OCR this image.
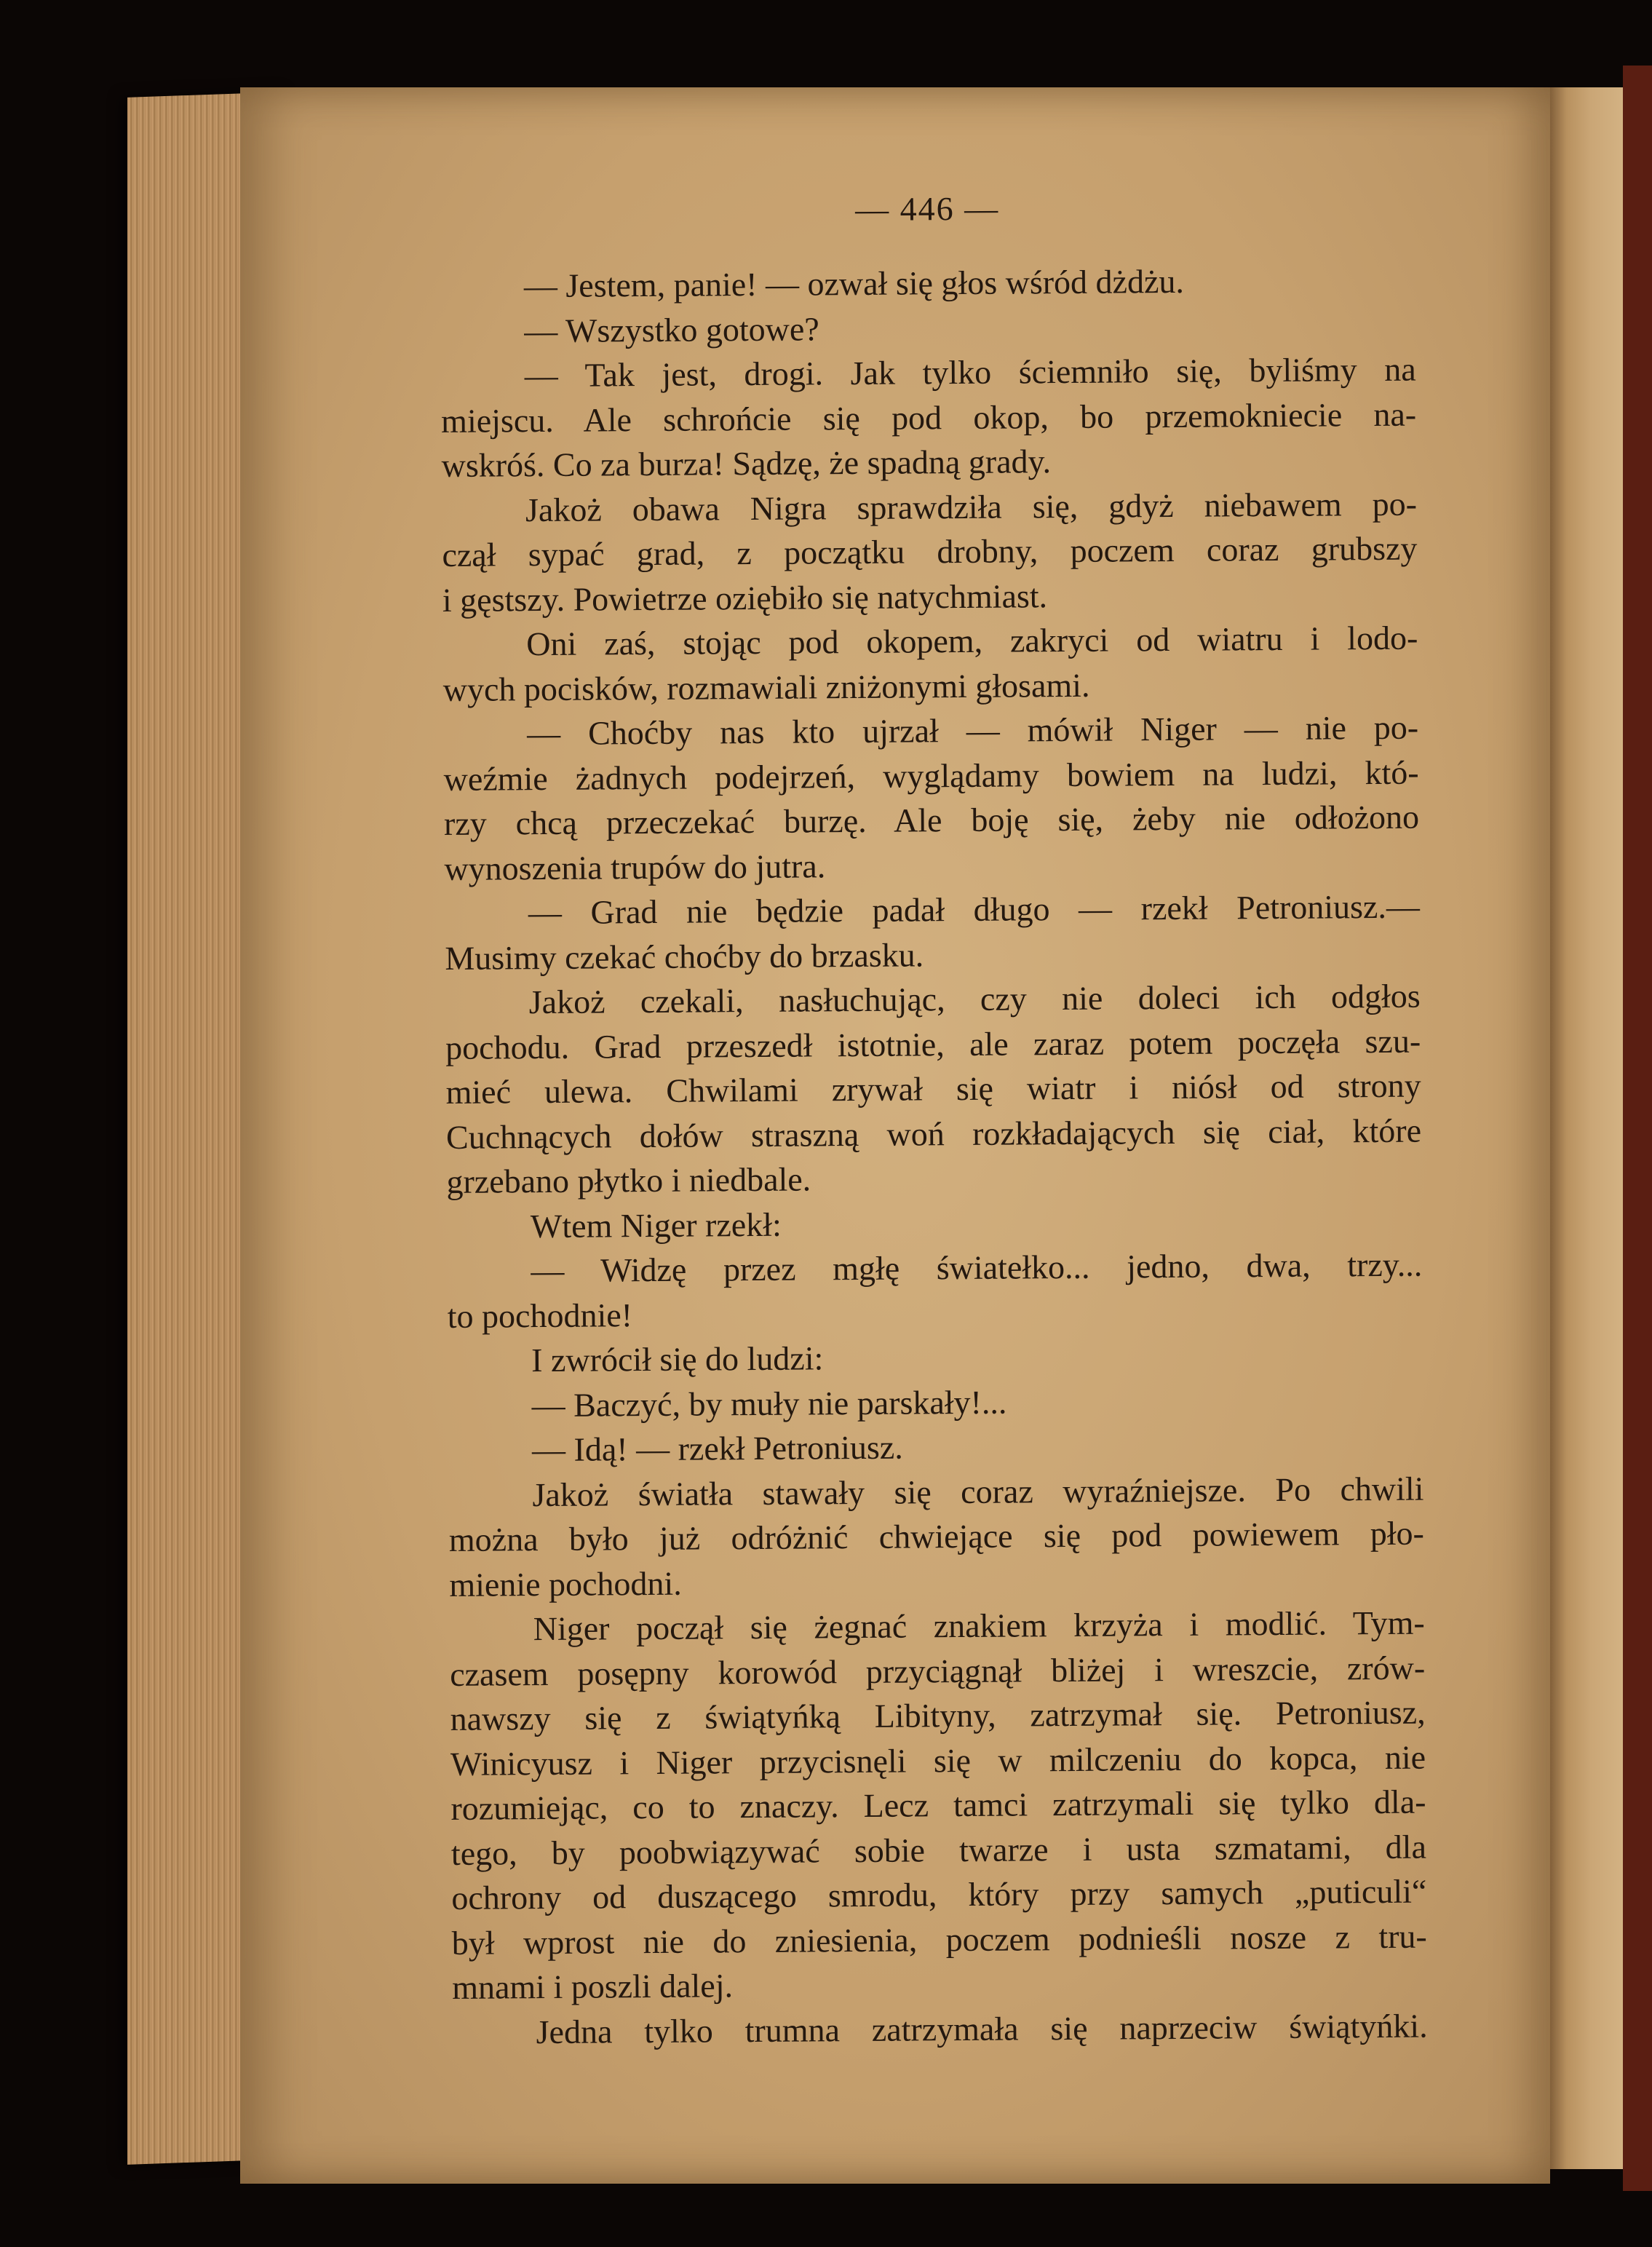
— 446 —
— Jestem, panie! — ozwał się głos wśród dżdżu.
— Wszystko gotowe?
— Tak jest, drogi. Jak tylko ściemniło się, byliśmy na
miejscu. Ale schrońcie się pod okop, bo przemokniecie na-
wskróś. Co za burza! Sądzę, że spadną grady.
Jakoż obawa Nigra sprawdziła się, gdyż niebawem po-
czął sypać grad, z początku drobny, poczem coraz grubszy
i gęstszy. Powietrze oziębiło się natychmiast.
Oni zaś, stojąc pod okopem, zakryci od wiatru i lodo-
wych pocisków, rozmawiali zniżonymi głosami.
— Choćby nas kto ujrzał — mówił Niger — nie po-
weźmie żadnych podejrzeń, wyglądamy bowiem na ludzi, któ-
rzy chcą przeczekać burzę. Ale boję się, żeby nie odłożono
wynoszenia trupów do jutra.
— Grad nie będzie padał długo — rzekł Petroniusz.—
Musimy czekać choćby do brzasku.
Jakoż czekali, nasłuchując, czy nie doleci ich odgłos
pochodu. Grad przeszedł istotnie, ale zaraz potem poczęła szu-
mieć ulewa. Chwilami zrywał się wiatr i niósł od strony
Cuchnących dołów straszną woń rozkładających się ciał, które
grzebano płytko i niedbale.
Wtem Niger rzekł:
— Widzę przez mgłę światełko... jedno, dwa, trzy...
to pochodnie!
I zwrócił się do ludzi:
— Baczyć, by muły nie parskały!...
— Idą! — rzekł Petroniusz.
Jakoż światła stawały się coraz wyraźniejsze. Po chwili
można było już odróżnić chwiejące się pod powiewem pło-
mienie pochodni.
Niger począł się żegnać znakiem krzyża i modlić. Tym-
czasem posępny korowód przyciągnął bliżej i wreszcie, zrów-
nawszy się z świątyńką Libityny, zatrzymał się. Petroniusz,
Winicyusz i Niger przycisnęli się w milczeniu do kopca, nie
rozumiejąc, co to znaczy. Lecz tamci zatrzymali się tylko dla-
tego, by poobwiązywać sobie twarze i usta szmatami, dla
ochrony od duszącego smrodu, który przy samych „puticuli“
był wprost nie do zniesienia, poczem podnieśli nosze z tru-
mnami i poszli dalej.
Jedna tylko trumna zatrzymała się naprzeciw świątyńki.
